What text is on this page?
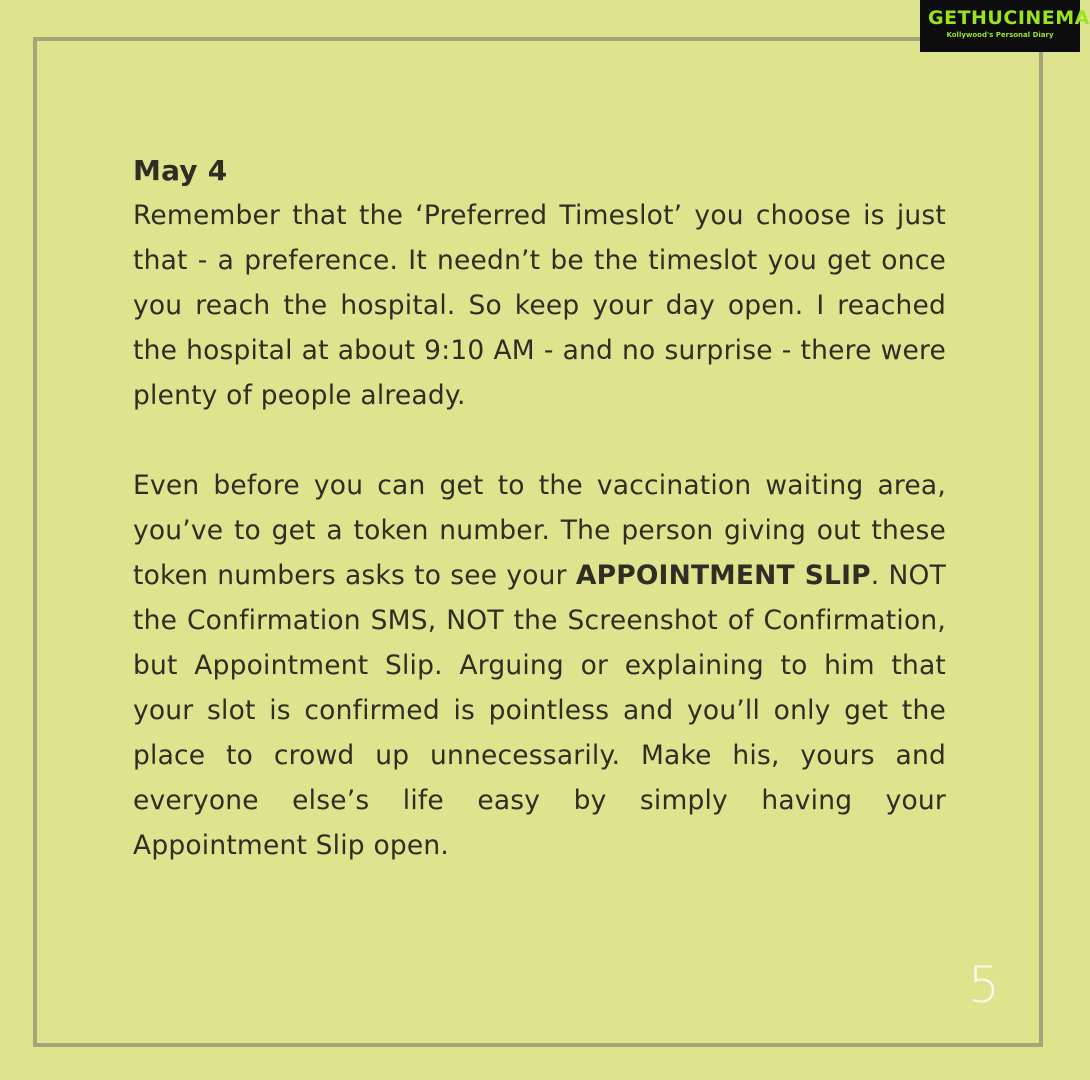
GETHUCINEMA
Kollywood's Personal Diary

May 4

Remember that the ‘Preferred Timeslot’ you choose is just that - a preference. It needn’t be the timeslot you get once you reach the hospital. So keep your day open. I reached the hospital at about 9:10 AM - and no surprise - there were plenty of people already.

Even before you can get to the vaccination waiting area, you’ve to get a token number. The person giving out these token numbers asks to see your APPOINTMENT SLIP. NOT the Confirmation SMS, NOT the Screenshot of Confirmation, but Appointment Slip. Arguing or explaining to him that your slot is confirmed is pointless and you’ll only get the place to crowd up unnecessarily. Make his, yours and everyone else’s life easy by simply having your Appointment Slip open.

5
